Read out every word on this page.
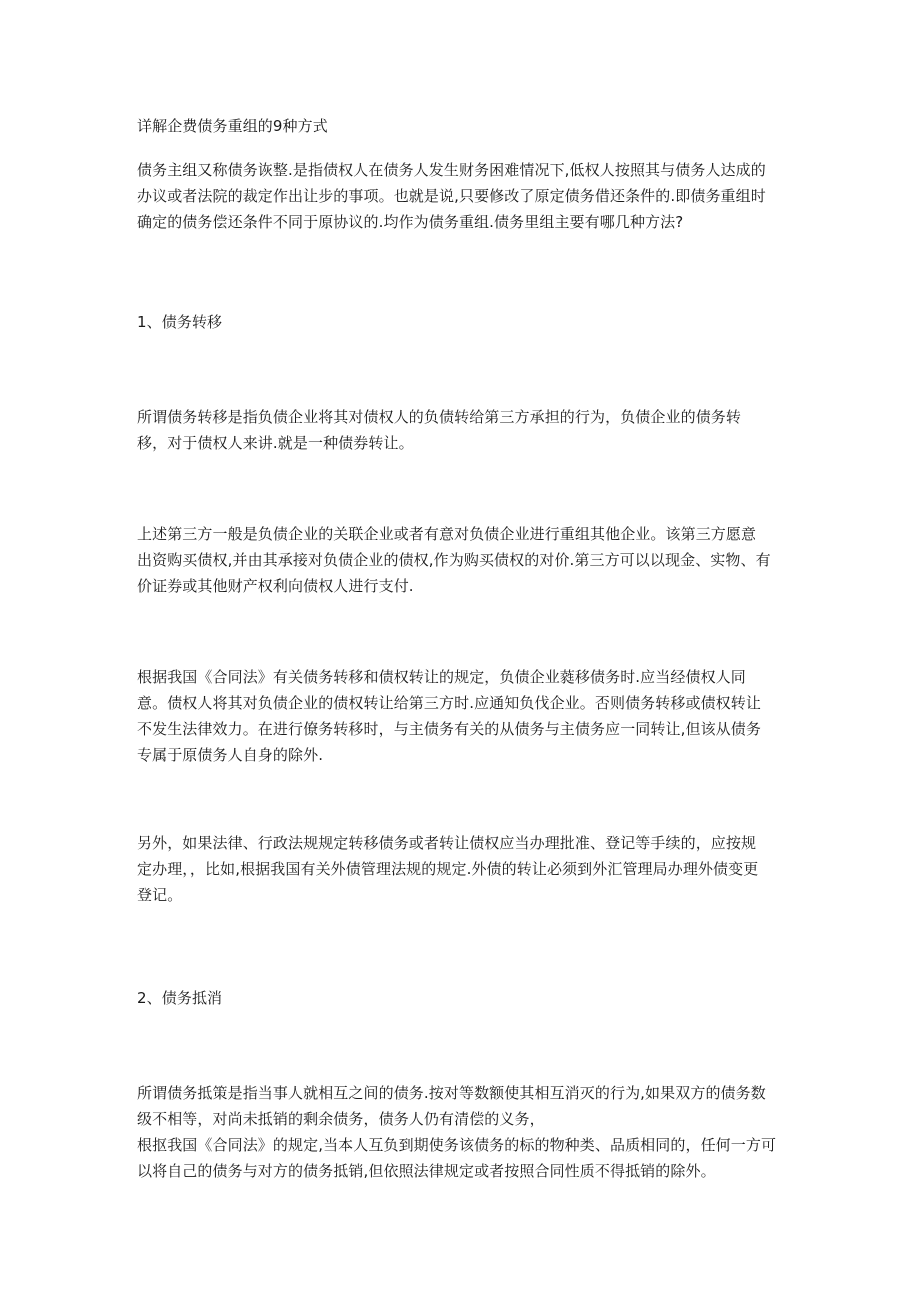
详解企费债务重组的9种方式
债务主组又称债务诙整.是指债权人在债务人发生财务困难情况下,低权人按照其与债务人达成的
办议或者法院的裁定作出让步的事项。也就是说,只要修改了原定债务借还条件的.即债务重组时
确定的债务偿还条件不同于原协议的.均作为债务重组.债务里组主要有哪几种方法?
1、债务转移
所谓债务转移是指负债企业将其对债权人的负债转给第三方承担的行为，负债企业的债务转
移，对于债权人来讲.就是一种债券转让。
上述第三方一般是负债企业的关联企业或者有意对负债企业进行重组其他企业。该第三方愿意
出资购买债权,并由其承接对负债企业的债权,作为购买债权的对价.第三方可以以现金、实物、有
价证券或其他财产权利向债权人进行支付.
根据我国《合同法》有关债务转移和债权转让的规定，负债企业蕤移债务时.应当经债权人同
意。债权人将其对负债企业的债权转让给第三方时.应通知负伐企业。否则债务转移或债权转让
不发生法律效力。在进行僚务转移时，与主债务有关的从债务与主债务应一同转让,但该从债务
专属于原债务人自身的除外.
另外，如果法律、行政法规规定转移债务或者转让债权应当办理批准、登记等手续的，应按规
定办理，，比如,根据我国有关外债管理法规的规定.外债的转让必须到外汇管理局办理外债变更
登记。
2、债务抵消
所谓债务抵策是指当事人就相互之间的债务.按对等数额使其相互消灭的行为,如果双方的债务数
级不相等，对尚未抵销的剩余债务，债务人仍有清偿的义务，
根抠我国《合同法》的规定,当本人互负到期使务该债务的标的物种类、品质相同的，任何一方可
以将自己的债务与对方的债务抵销,但依照法律规定或者按照合同性质不得抵销的除外。
